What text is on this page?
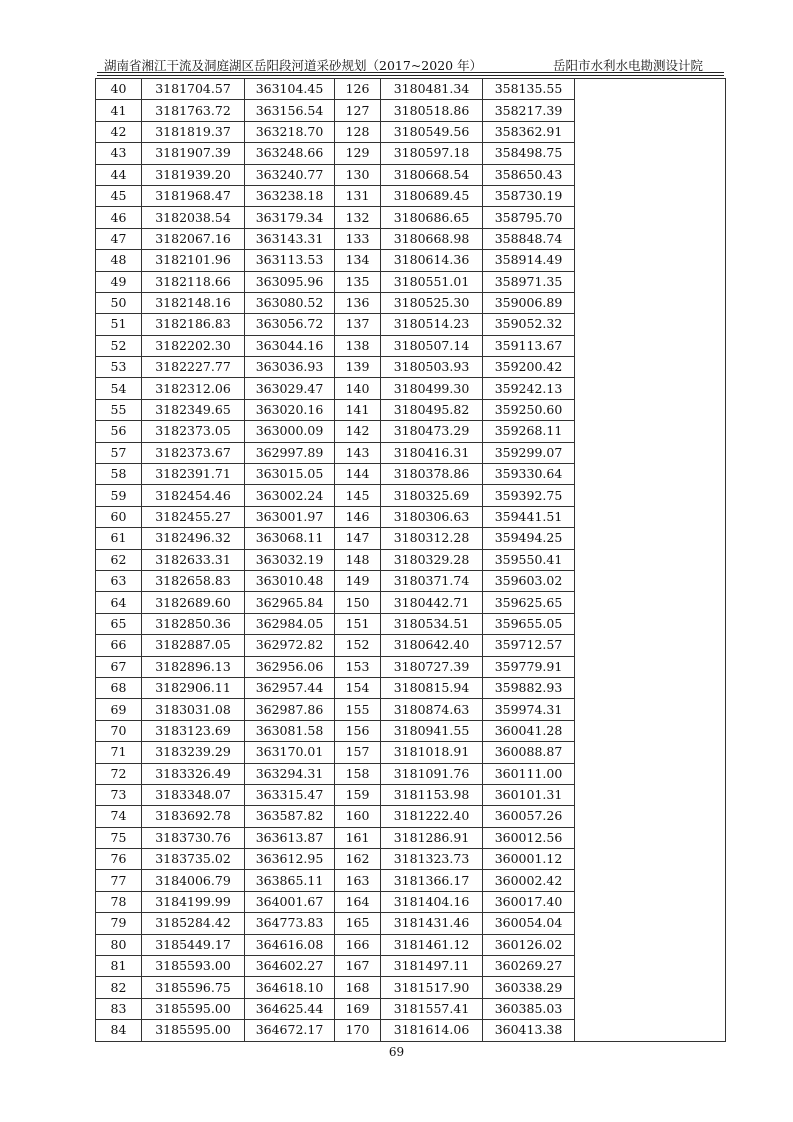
湖南省湘江干流及洞庭湖区岳阳段河道采砂规划（2017~2020 年）	岳阳市水利水电勘测设计院
40	3181704.57	363104.45	126	3180481.34	358135.55	
41	3181763.72	363156.54	127	3180518.86	358217.39	
42	3181819.37	363218.70	128	3180549.56	358362.91	
43	3181907.39	363248.66	129	3180597.18	358498.75	
44	3181939.20	363240.77	130	3180668.54	358650.43	
45	3181968.47	363238.18	131	3180689.45	358730.19	
46	3182038.54	363179.34	132	3180686.65	358795.70	
47	3182067.16	363143.31	133	3180668.98	358848.74	
48	3182101.96	363113.53	134	3180614.36	358914.49	
49	3182118.66	363095.96	135	3180551.01	358971.35	
50	3182148.16	363080.52	136	3180525.30	359006.89	
51	3182186.83	363056.72	137	3180514.23	359052.32	
52	3182202.30	363044.16	138	3180507.14	359113.67	
53	3182227.77	363036.93	139	3180503.93	359200.42	
54	3182312.06	363029.47	140	3180499.30	359242.13	
55	3182349.65	363020.16	141	3180495.82	359250.60	
56	3182373.05	363000.09	142	3180473.29	359268.11	
57	3182373.67	362997.89	143	3180416.31	359299.07	
58	3182391.71	363015.05	144	3180378.86	359330.64	
59	3182454.46	363002.24	145	3180325.69	359392.75	
60	3182455.27	363001.97	146	3180306.63	359441.51	
61	3182496.32	363068.11	147	3180312.28	359494.25	
62	3182633.31	363032.19	148	3180329.28	359550.41	
63	3182658.83	363010.48	149	3180371.74	359603.02	
64	3182689.60	362965.84	150	3180442.71	359625.65	
65	3182850.36	362984.05	151	3180534.51	359655.05	
66	3182887.05	362972.82	152	3180642.40	359712.57	
67	3182896.13	362956.06	153	3180727.39	359779.91	
68	3182906.11	362957.44	154	3180815.94	359882.93	
69	3183031.08	362987.86	155	3180874.63	359974.31	
70	3183123.69	363081.58	156	3180941.55	360041.28	
71	3183239.29	363170.01	157	3181018.91	360088.87	
72	3183326.49	363294.31	158	3181091.76	360111.00	
73	3183348.07	363315.47	159	3181153.98	360101.31	
74	3183692.78	363587.82	160	3181222.40	360057.26	
75	3183730.76	363613.87	161	3181286.91	360012.56	
76	3183735.02	363612.95	162	3181323.73	360001.12	
77	3184006.79	363865.11	163	3181366.17	360002.42	
78	3184199.99	364001.67	164	3181404.16	360017.40	
79	3185284.42	364773.83	165	3181431.46	360054.04	
80	3185449.17	364616.08	166	3181461.12	360126.02	
81	3185593.00	364602.27	167	3181497.11	360269.27	
82	3185596.75	364618.10	168	3181517.90	360338.29	
83	3185595.00	364625.44	169	3181557.41	360385.03	
84	3185595.00	364672.17	170	3181614.06	360413.38	
69
